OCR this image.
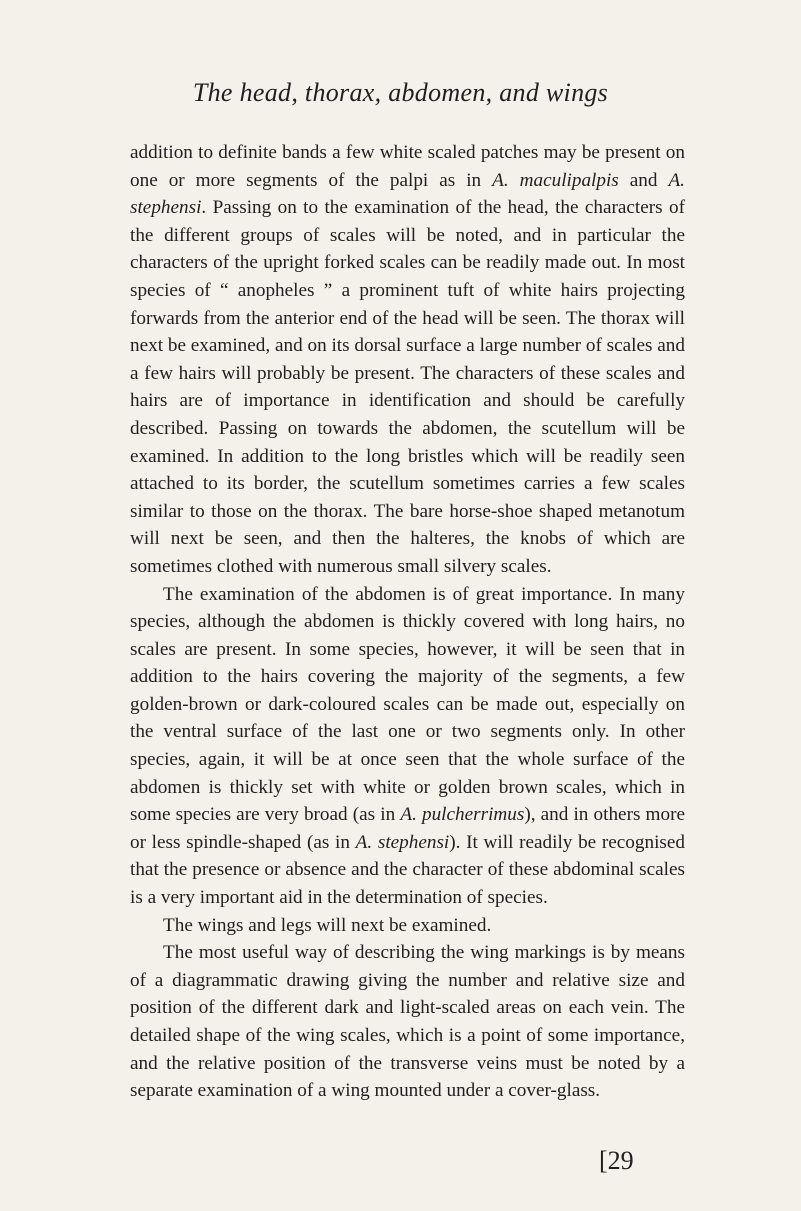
The head, thorax, abdomen, and wings

addition to definite bands a few white scaled patches may be present on one or more segments of the palpi as in A. maculipalpis and A. stephensi. Passing on to the examination of the head, the characters of the different groups of scales will be noted, and in particular the characters of the upright forked scales can be readily made out. In most species of “ anopheles ” a prominent tuft of white hairs projecting forwards from the anterior end of the head will be seen. The thorax will next be examined, and on its dorsal surface a large number of scales and a few hairs will probably be present. The characters of these scales and hairs are of importance in identification and should be carefully described. Passing on towards the abdomen, the scutellum will be examined. In addition to the long bristles which will be readily seen attached to its border, the scutellum sometimes carries a few scales similar to those on the thorax. The bare horse-shoe shaped metanotum will next be seen, and then the halteres, the knobs of which are sometimes clothed with numerous small silvery scales.

The examination of the abdomen is of great importance. In many species, although the abdomen is thickly covered with long hairs, no scales are present. In some species, however, it will be seen that in addition to the hairs covering the majority of the segments, a few golden-brown or dark-coloured scales can be made out, especially on the ventral surface of the last one or two segments only. In other species, again, it will be at once seen that the whole surface of the abdomen is thickly set with white or golden brown scales, which in some species are very broad (as in A. pulcherrimus), and in others more or less spindle-shaped (as in A. stephensi). It will readily be recognised that the presence or absence and the character of these abdominal scales is a very important aid in the determination of species.

The wings and legs will next be examined.

The most useful way of describing the wing markings is by means of a diagrammatic drawing giving the number and relative size and position of the different dark and light-scaled areas on each vein. The detailed shape of the wing scales, which is a point of some importance, and the relative position of the transverse veins must be noted by a separate examination of a wing mounted under a cover-glass.

[29
